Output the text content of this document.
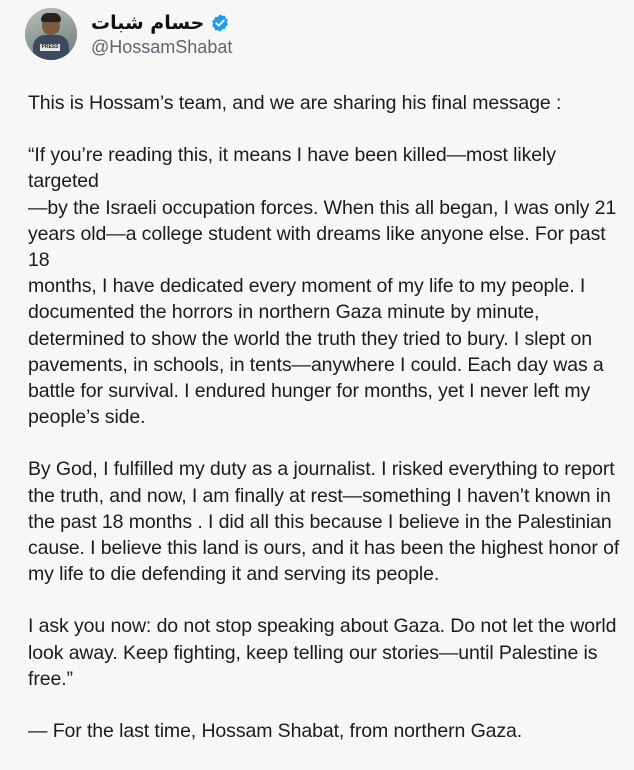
PRESS
حسام شبات
@HossamShabat

This is Hossam’s team, and we are sharing his final message :

“If you’re reading this, it means I have been killed—most likely targeted
—by the Israeli occupation forces. When this all began, I was only 21
years old—a college student with dreams like anyone else. For past 18
months, I have dedicated every moment of my life to my people. I
documented the horrors in northern Gaza minute by minute,
determined to show the world the truth they tried to bury. I slept on
pavements, in schools, in tents—anywhere I could. Each day was a
battle for survival. I endured hunger for months, yet I never left my
people’s side.

By God, I fulfilled my duty as a journalist. I risked everything to report
the truth, and now, I am finally at rest—something I haven’t known in
the past 18 months . I did all this because I believe in the Palestinian
cause. I believe this land is ours, and it has been the highest honor of
my life to die defending it and serving its people.

I ask you now: do not stop speaking about Gaza. Do not let the world
look away. Keep fighting, keep telling our stories—until Palestine is
free.”

— For the last time, Hossam Shabat, from northern Gaza.
